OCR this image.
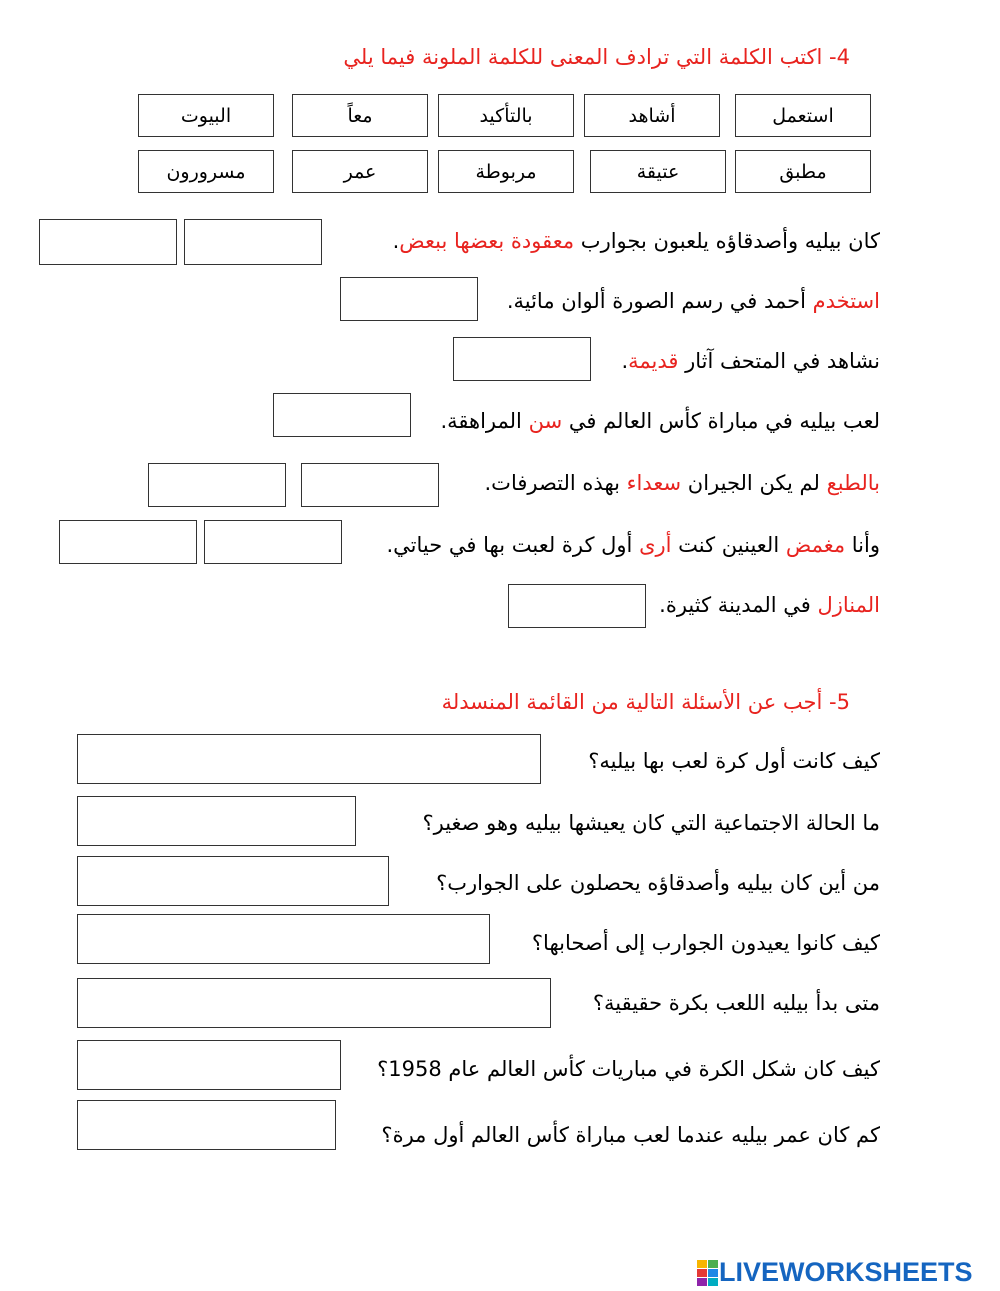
4- اكتب الكلمة التي ترادف المعنى للكلمة الملونة فيما يلي
استعمل
أشاهد
بالتأكيد
معاً
البيوت
مطبق
عتيقة
مربوطة
عمر
مسرورون
كان بيليه وأصدقاؤه يلعبون بجوارب معقودة بعضها ببعض.
استخدم أحمد في رسم الصورة ألوان مائية.
نشاهد في المتحف آثار قديمة.
لعب بيليه في مباراة كأس العالم في سن المراهقة.
بالطبع لم يكن الجيران سعداء بهذه التصرفات.
وأنا مغمض العينين كنت أرى أول كرة لعبت بها في حياتي.
المنازل في المدينة كثيرة.
5- أجب عن الأسئلة التالية من القائمة المنسدلة
كيف كانت أول كرة لعب بها بيليه؟
ما الحالة الاجتماعية التي كان يعيشها بيليه وهو صغير؟
من أين كان بيليه وأصدقاؤه يحصلون على الجوارب؟
كيف كانوا يعيدون الجوارب إلى أصحابها؟
متى بدأ بيليه اللعب بكرة حقيقية؟
كيف كان شكل الكرة في مباريات كأس العالم عام 1958؟
كم كان عمر بيليه عندما لعب مباراة كأس العالم أول مرة؟
LIVEWORKSHEETS
